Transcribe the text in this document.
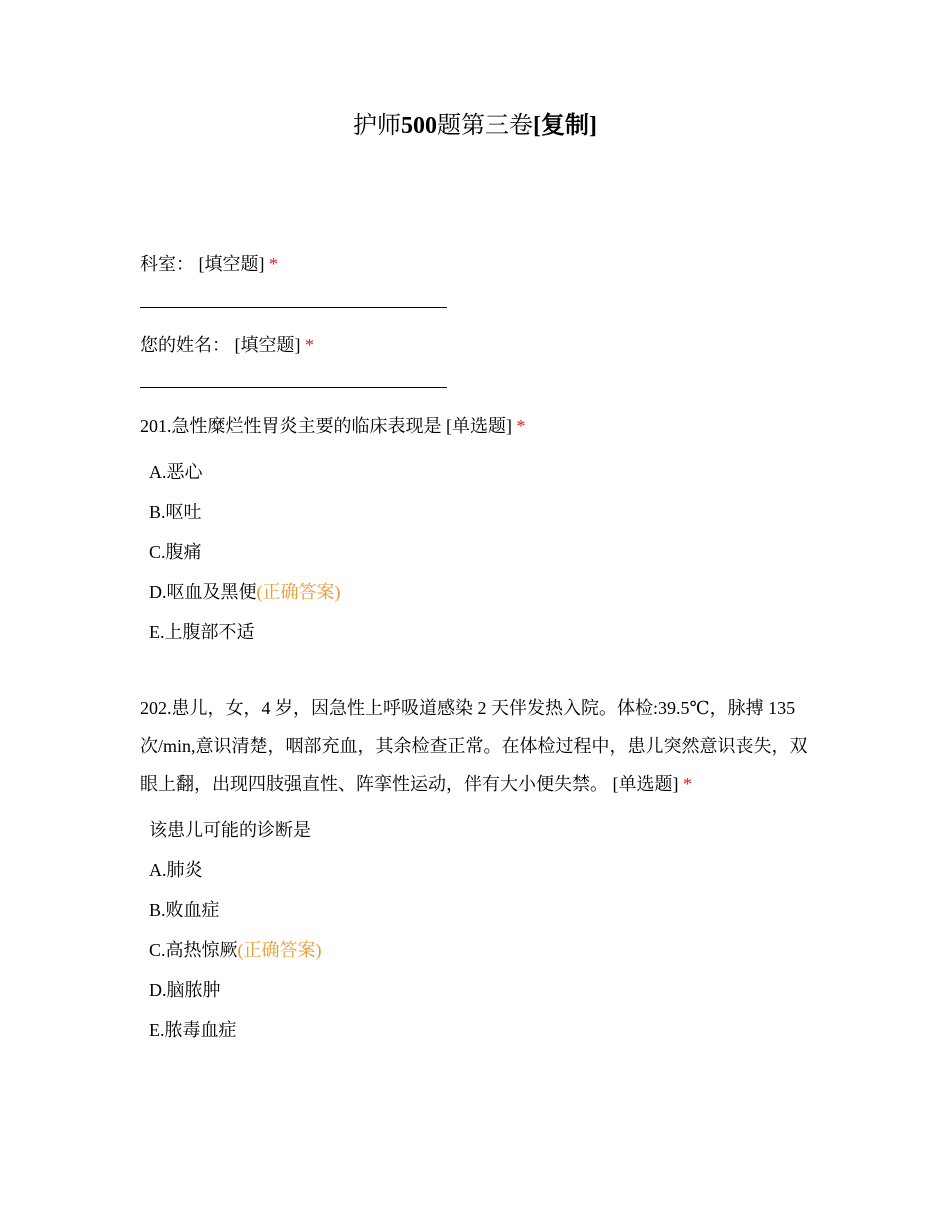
护师500题第三卷[复制]
科室： [填空题] *
您的姓名： [填空题] *
201.急性糜烂性胃炎主要的临床表现是 [单选题] *
A.恶心
B.呕吐
C.腹痛
D.呕血及黑便(正确答案)
E.上腹部不适
202.患儿，女，4 岁，因急性上呼吸道感染 2 天伴发热入院。体检:39.5℃，脉搏 135 次/min,意识清楚，咽部充血，其余检查正常。在体检过程中，患儿突然意识丧失，双眼上翻，出现四肢强直性、阵挛性运动，伴有大小便失禁。 [单选题] *
该患儿可能的诊断是
A.肺炎
B.败血症
C.高热惊厥(正确答案)
D.脑脓肿
E.脓毒血症
